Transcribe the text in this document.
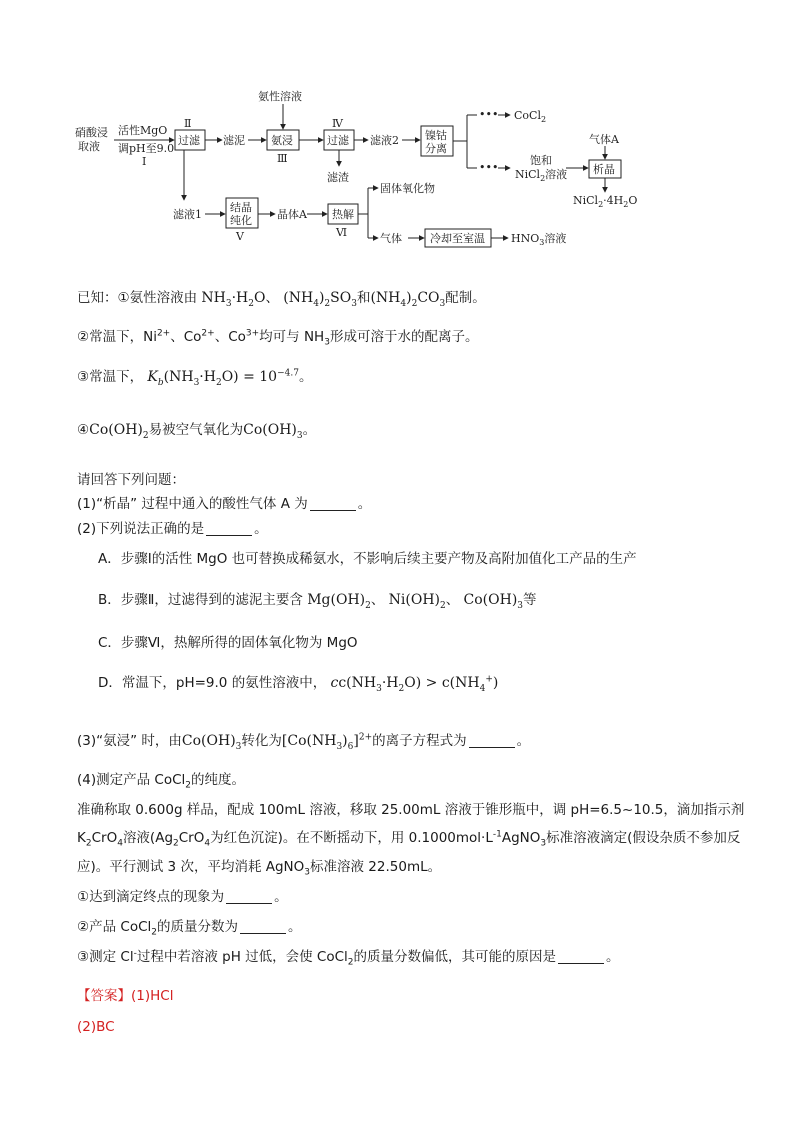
硝酸浸
取液
活性MgO
调pH至9.0
Ⅰ
Ⅱ
过滤 滤泥
氨性溶液
氨浸
Ⅲ
Ⅳ
过滤 滤液2
滤渣
镍钴
分离
•••
•••
CoCl$_2$
饱和
NiCl$_2$溶液
气体A
析晶
$NiCl_2\cdot 4H_2O$
滤液1
结晶
纯化
Ⅴ
晶体A 热解
Ⅵ
固体氧化物
气体	冷却至室温 $HNO_3$溶液
已知：①氨性溶液由 $NH_3\cdot H_2O$、 $(NH_4)_2SO_3$和$(NH_4)_2CO_3$配制。
②常温下，$Ni^{2+}$、$Co^{2+}$、$Co^{3+}$均可与 $NH_3$形成可溶于水的配离子。
③常温下， $K_b(NH_3\cdot H_2O) = 10^{-4.7}$。
$④Co(OH)_2$易被空气氧化为$Co(OH)_3$。
请回答下列问题：
(1)“析晶” 过程中通入的酸性气体 A 为	。
(2)下列说法正确的是	。
A．步骤Ⅰ的活性 MgO 也可替换成稀氨水，不影响后续主要产物及高附加值化工产品的生产
B．步骤Ⅱ，过滤得到的滤泥主要含 $Mg(OH)_2$、 $Ni(OH)_2$、 $Co(OH)_3$等
C．步骤Ⅵ，热解所得的固体氧化物为 MgO
D．常温下，pH=9.0 的氨性溶液中， $cc(NH_3\cdot H_2O) > c(NH_4^+)$
(3)“氨浸” 时，由$Co(OH)_3$转化为$[Co(NH_3)_6]^{2+}$的离子方程式为	。
(4)测定产品 CoCl$_2$的纯度。
准确称取 0.600g 样品，配成 100mL 溶液，移取 25.00mL 溶液于锥形瓶中，调 pH=6.5~10.5，滴加指示剂
$K_2CrO_4$溶液($Ag_2CrO_4$为红色沉淀)。在不断摇动下，用 $0.1000mol\cdot L^{-1}AgNO_3$标准溶液滴定(假设杂质不参加反
应)。平行测试 3 次，平均消耗 AgNO$_3$标准溶液 22.50mL。
①达到滴定终点的现象为	。
②产品 CoCl$_2$的质量分数为	。
③测定 Cl-过程中若溶液 pH 过低，会使 CoCl$_2$的质量分数偏低，其可能的原因是	。
【答案】(1)HCl
(2)BC
